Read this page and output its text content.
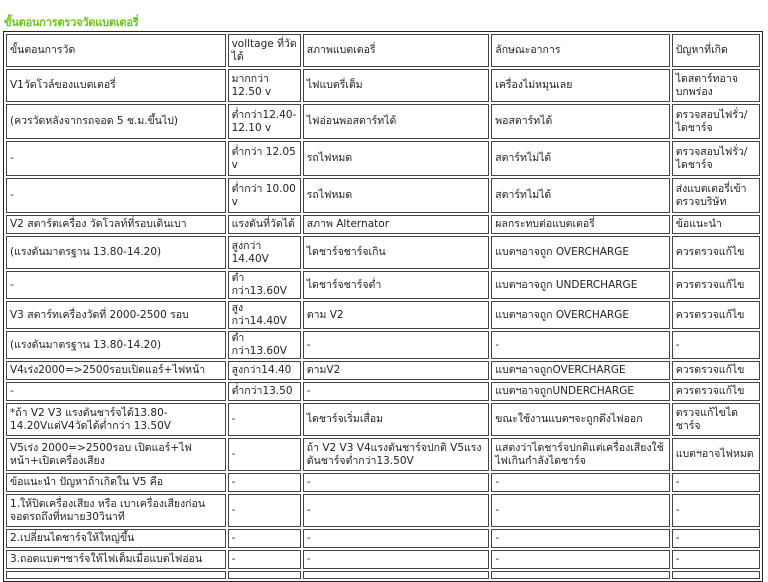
ขั้นตอนการตรวจวัดแบตเตอรี่
ขั้นตอนการวัด	volltage ที่วัดได้	สภาพแบตเตอรี่	ลักษณะอาการ	ปัญหาที่เกิด
V1วัดโวล์ของแบตเตอรี่	มากกว่า 12.50 v	ไฟแบตรี่เต็ม	เครื่องไม่หมุนเลย	ไดสตาร์ทอาจบกพร่อง
(ควรวัดหลังจากรถจอด 5 ช.ม.ขึ้นไป)	ต่ำกว่า12.40-12.10 v	ไฟอ่อนพอสตาร์ทได้	พอสตาร์ทได้	ตรวจสอบไฟรั่ว/ไดชาร์จ
-	ต่ำกว่า 12.05 v	รถไฟหมด	สตาร์ทไม่ได้	ตรวจสอบไฟรั่ว/ไดชาร์จ
-	ต่ำกว่า 10.00 v	รถไฟหมด	สตาร์ทไม่ได้	ส่งแบตเตอรี่เข้าตรวจบริษัท
V2 สตาร์ตเครื่อง วัดโวลท์ที่รอบเดินเบา	แรงดันที่วัดได้	สภาพ Alternator	ผลกระทบต่อแบตเตอรี่	ข้อแนะนำ
(แรงดันมาตรฐาน 13.80-14.20)	สูงกว่า 14.40V	ไดชาร์จชาร์จเกิน	แบตฯอาจถูก OVERCHARGE	ควรตรวจแก้ไข
-	ต่ำกว่า13.60V	ไดชาร์จชาร์จต่ำ	แบตฯอาจถูก UNDERCHARGE	ควรตรวจแก้ไข
V3 สตาร์ทเครื่องวัดที่ 2000-2500 รอบ	สูงกว่า14.40V	ตาม V2	แบตฯอาจถูก OVERCHARGE	ควรตรวจแก้ไข
(แรงดันมาตรฐาน 13.80-14.20)	ต่ำกว่า13.60V	-	-	-
V4เร่ง2000=>2500รอบเปิดแอร์+ไฟหน้า	สูงกว่า14.40	ตามV2	แบตฯอาจถูกOVERCHARGE	ควรตรวจแก้ไข
-	ต่ำกว่า13.50	-	แบตฯอาจถูกUNDERCHARGE	ควรตรวจแก้ไข
*ถ้า V2 V3 แรงดันชาร์จได้13.80-14.20Vแต่V4วัดได้ต่ำกว่า 13.50V	-	ไดชาร์จเริ่มเสื่อม	ขณะใช้งานแบตฯจะถูกดึงไฟออก	ตรวจแก้ไขไดชาร์จ
V5เร่ง 2000=>2500รอบ เปิดแอร์+ไฟหน้า+เปิดเครื่องเสียง	-	ถ้า V2 V3 V4แรงดันชาร์จปกติ V5แรงดันชาร์จต่ำกว่า13.50V	แสดงว่าไดชาร์จปกติแต่เครื่องเสียงใช้ไฟเกินกำลังไดชาร์จ	แบตฯอาจไฟหมด
ข้อแนะนำ ปัญหาถ้าเกิดใน V5 คือ	-	-	-	-
1.ให้ปิดเครื่องเสียง หรือ เบาเครื่องเสียงก่อนจอดรถถึงที่หมาย30วินาที	-	-	-	-
2.เปลี่ยนไดชาร์จให้ใหญ่ขึ้น	-	-	-	-
3.ถอดแบตฯชาร์จให้ไฟเต็มเมื่อแบตไฟอ่อน	-	-	-	-
